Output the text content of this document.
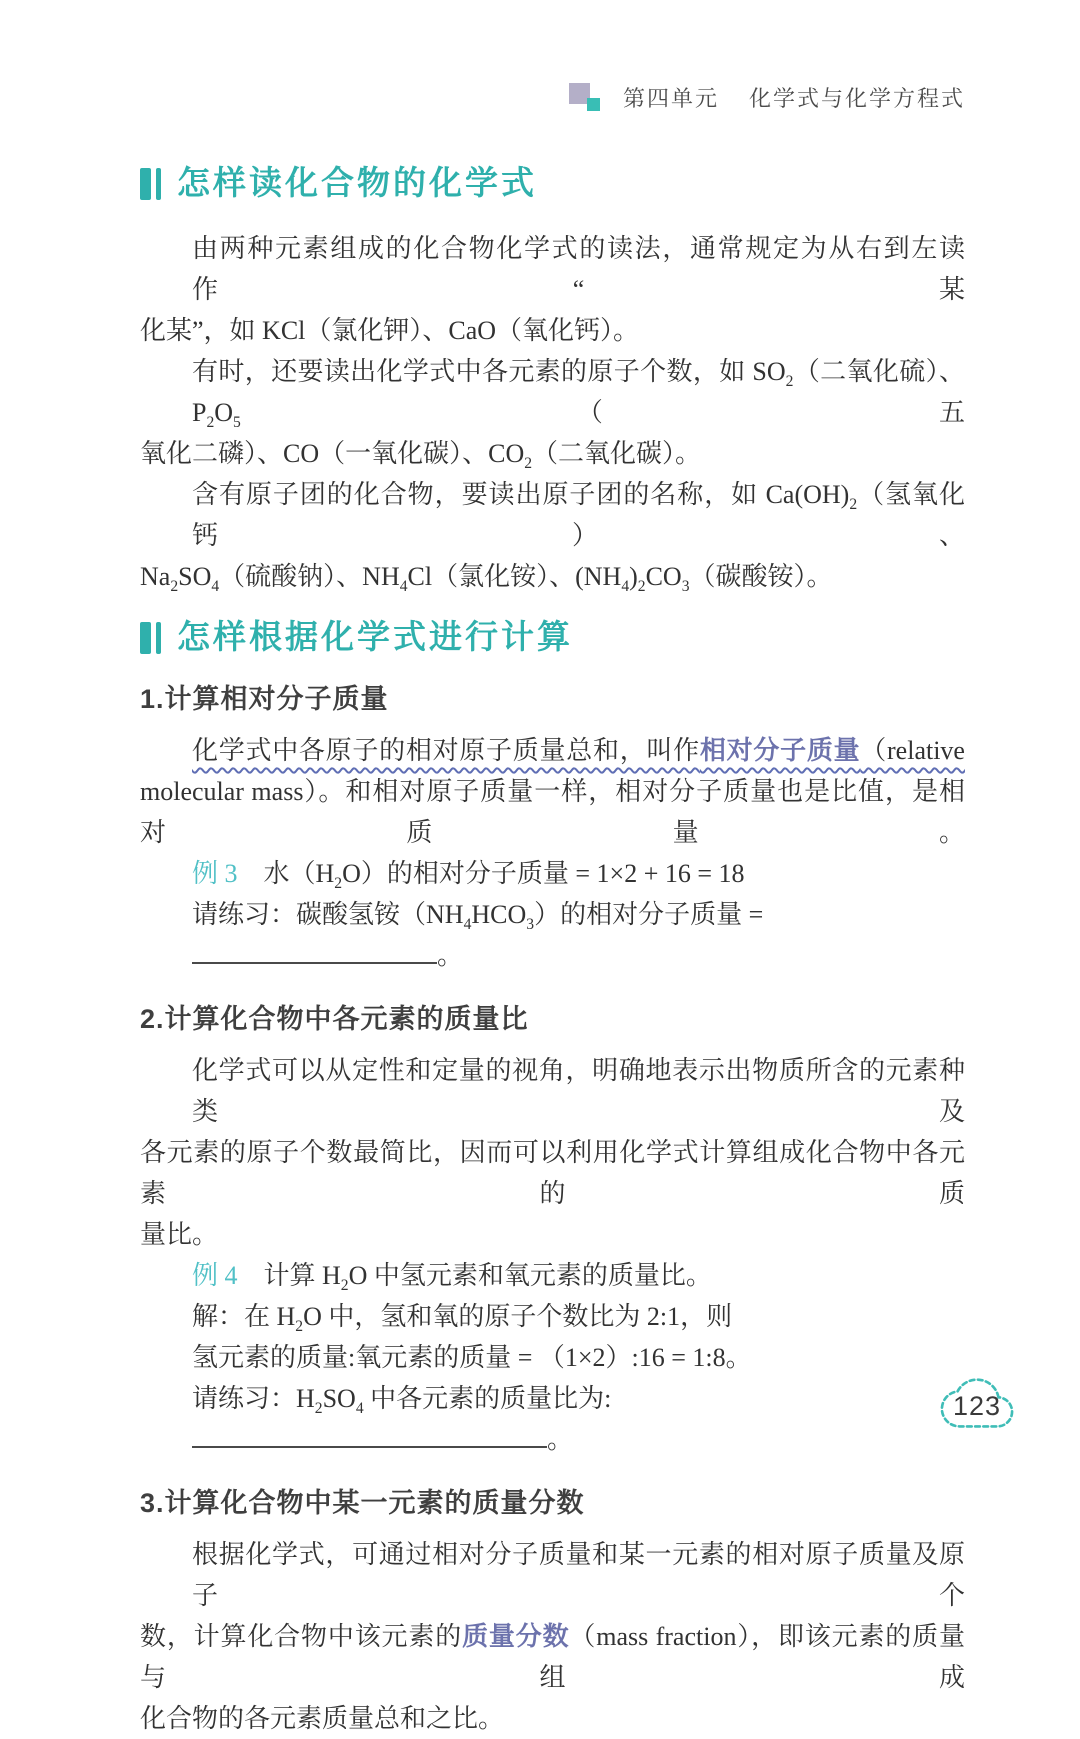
第四单元 化学式与化学方程式
怎样读化合物的化学式
由两种元素组成的化合物化学式的读法，通常规定为从右到左读作“某
化某”，如 KCl（氯化钾）、CaO（氧化钙）。
有时，还要读出化学式中各元素的原子个数，如 $SO_2$（二氧化硫）、$P_2O_5$（五
氧化二磷）、CO（一氧化碳）、$CO_2$（二氧化碳）。
含有原子团的化合物，要读出原子团的名称，如 $Ca(OH)_2$（氢氧化钙）、
$Na_2SO_4$（硫酸钠）、$NH_4Cl$（氯化铵）、$(NH_4)_2CO_3$（碳酸铵）。
怎样根据化学式进行计算
1.计算相对分子质量
化学式中各原子的相对原子质量总和，叫作相对分子质量（relative
molecular mass）。和相对原子质量一样，相对分子质量也是比值，是相对质量。
例 3　水$(H_2O)$的相对分子质量 = 1×2 + 16 = 18
请练习：碳酸氢铵$(NH_4HCO_3)$的相对分子质量 = 。
2.计算化合物中各元素的质量比
化学式可以从定性和定量的视角，明确地表示出物质所含的元素种类及
各元素的原子个数最简比，因而可以利用化学式计算组成化合物中各元素的质
量比。
例 4　计算 $H_2O$ 中氢元素和氧元素的质量比。
解：在 $H_2O$ 中，氢和氧的原子个数比为 2:1，则
氢元素的质量:氧元素的质量 = （1×2）:16 = 1:8。
请练习：$H_2SO_4$ 中各元素的质量比为:。
3.计算化合物中某一元素的质量分数
根据化学式，可通过相对分子质量和某一元素的相对原子质量及原子个
数，计算化合物中该元素的质量分数（mass fraction），即该元素的质量与组成
化合物的各元素质量总和之比。
123
